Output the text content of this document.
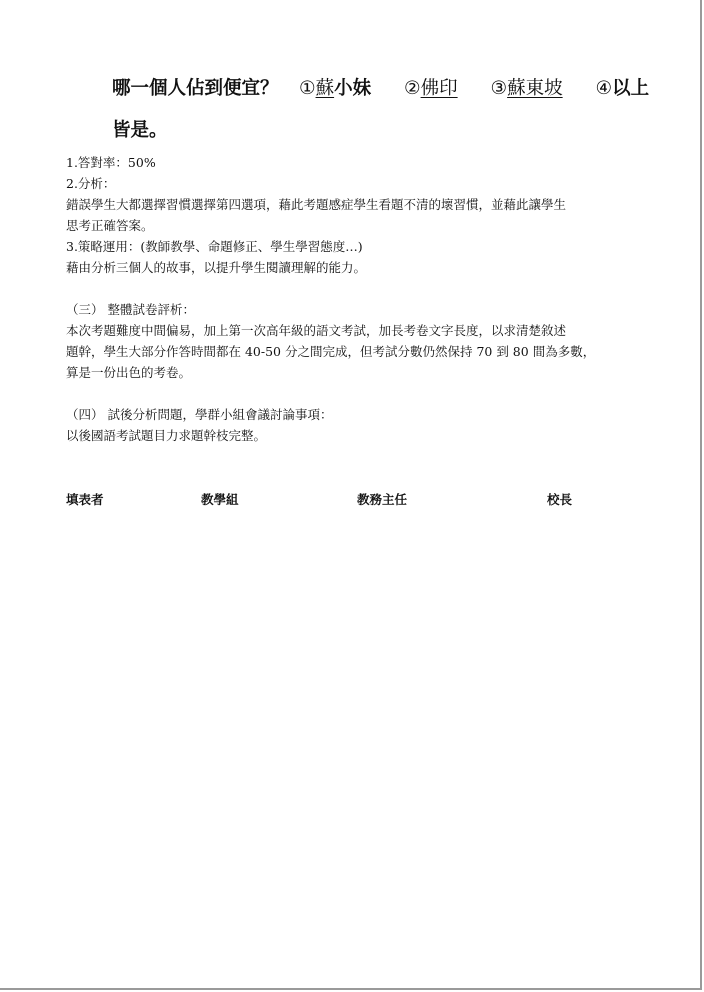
哪一個人佔到便宜？ ①蘇小妹 ②佛印 ③蘇東坡 ④以上
皆是。

1.答對率：50%

2.分析：

錯誤學生大都選擇習慣選擇第四選項，藉此考題感症學生看題不清的壞習慣，並藉此讓學生

思考正確答案。

3.策略運用：(教師教學、命題修正、學生學習態度…)

藉由分析三個人的故事，以提升學生閱讀理解的能力。

（三） 整體試卷評析：

本次考題難度中間偏易，加上第一次高年級的語文考試，加長考卷文字長度，以求清楚敘述

題幹，學生大部分作答時間都在 40-50 分之間完成，但考試分數仍然保持 70 到 80 間為多數，

算是一份出色的考卷。

（四） 試後分析問題，學群小組會議討論事項：

以後國語考試題目力求題幹枝完整。

填表者	教學組	教務主任	校長
